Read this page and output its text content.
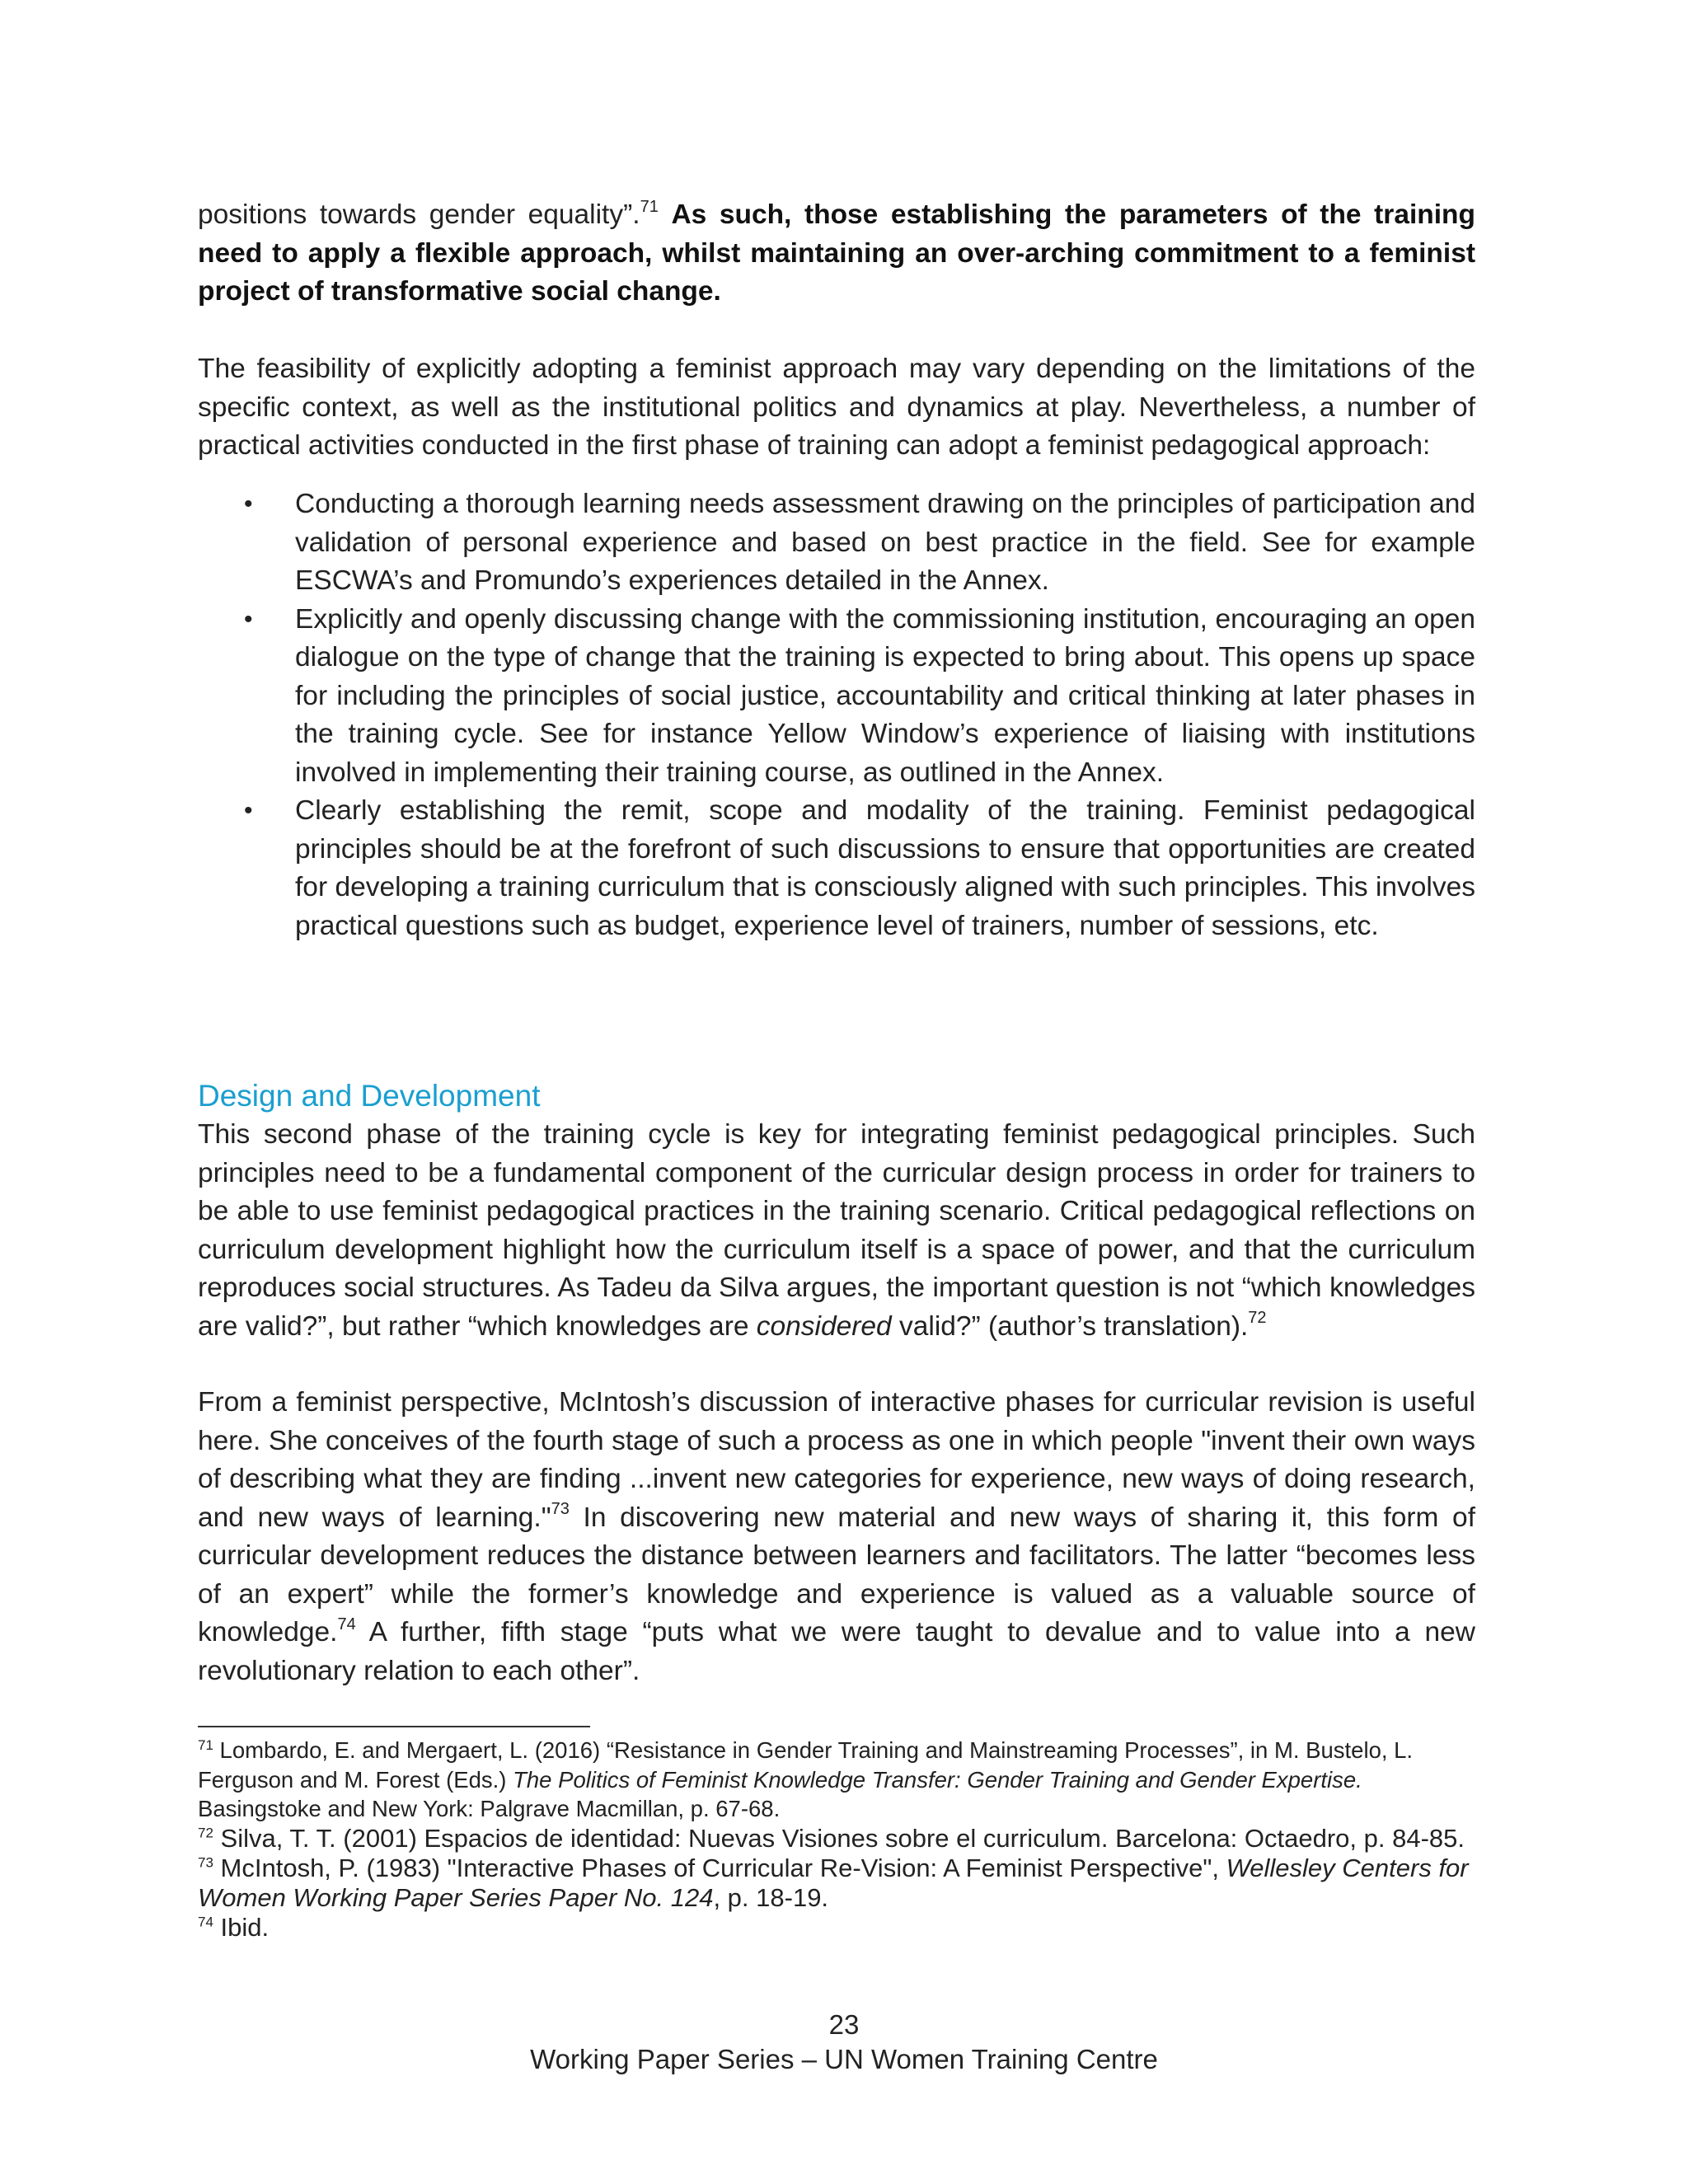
positions towards gender equality”.$^{71}$ As such, those establishing the parameters of the training need to apply a flexible approach, whilst maintaining an over-arching commitment to a feminist project of transformative social change.

The feasibility of explicitly adopting a feminist approach may vary depending on the limitations of the specific context, as well as the institutional politics and dynamics at play. Nevertheless, a number of practical activities conducted in the first phase of training can adopt a feminist pedagogical approach:

• Conducting a thorough learning needs assessment drawing on the principles of participation and validation of personal experience and based on best practice in the field. See for example ESCWA’s and Promundo’s experiences detailed in the Annex.
• Explicitly and openly discussing change with the commissioning institution, encouraging an open dialogue on the type of change that the training is expected to bring about. This opens up space for including the principles of social justice, accountability and critical thinking at later phases in the training cycle. See for instance Yellow Window’s experience of liaising with institutions involved in implementing their training course, as outlined in the Annex.
• Clearly establishing the remit, scope and modality of the training. Feminist pedagogical principles should be at the forefront of such discussions to ensure that opportunities are created for developing a training curriculum that is consciously aligned with such principles. This involves practical questions such as budget, experience level of trainers, number of sessions, etc.
Design and Development

This second phase of the training cycle is key for integrating feminist pedagogical principles. Such principles need to be a fundamental component of the curricular design process in order for trainers to be able to use feminist pedagogical practices in the training scenario. Critical pedagogical reflections on curriculum development highlight how the curriculum itself is a space of power, and that the curriculum reproduces social structures. As Tadeu da Silva argues, the important question is not “which knowledges are valid?”, but rather “which knowledges are considered valid?” (author’s translation).$^{72}$

From a feminist perspective, McIntosh’s discussion of interactive phases for curricular revision is useful here. She conceives of the fourth stage of such a process as one in which people "invent their own ways of describing what they are finding ...invent new categories for experience, new ways of doing research, and new ways of learning."$^{73}$ In discovering new material and new ways of sharing it, this form of curricular development reduces the distance between learners and facilitators. The latter “becomes less of an expert” while the former’s knowledge and experience is valued as a valuable source of knowledge.$^{74}$ A further, fifth stage “puts what we were taught to devalue and to value into a new revolutionary relation to each other”.

$^{71}$ Lombardo, E. and Mergaert, L. (2016) “Resistance in Gender Training and Mainstreaming Processes”, in M. Bustelo, L. Ferguson and M. Forest (Eds.) The Politics of Feminist Knowledge Transfer: Gender Training and Gender Expertise. Basingstoke and New York: Palgrave Macmillan, p. 67-68.

$^{72}$ Silva, T. T. (2001) Espacios de identidad: Nuevas Visiones sobre el curriculum. Barcelona: Octaedro, p. 84-85.

$^{73}$ McIntosh, P. (1983) "Interactive Phases of Curricular Re-Vision: A Feminist Perspective", Wellesley Centers for Women Working Paper Series Paper No. 124, p. 18-19.

$^{74}$ Ibid.

23
Working Paper Series – UN Women Training Centre
